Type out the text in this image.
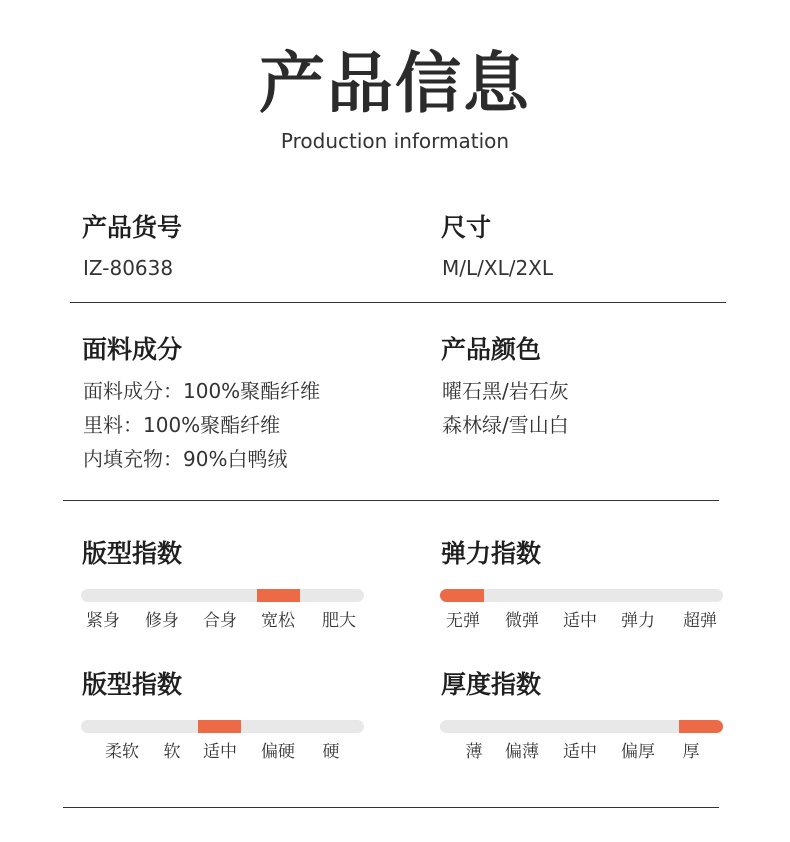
产品信息
Production information
产品货号
IZ-80638
尺寸
M/L/XL/2XL
面料成分
面料成分：100%聚酯纤维
里料：100%聚酯纤维
内填充物：90%白鸭绒
产品颜色
曜石黑/岩石灰
森林绿/雪山白
版型指数
紧身 修身 合身 宽松 肥大
弹力指数
无弹 微弹 适中 弹力 超弹
版型指数
柔软 软 适中 偏硬 硬
厚度指数
薄 偏薄 适中 偏厚 厚
